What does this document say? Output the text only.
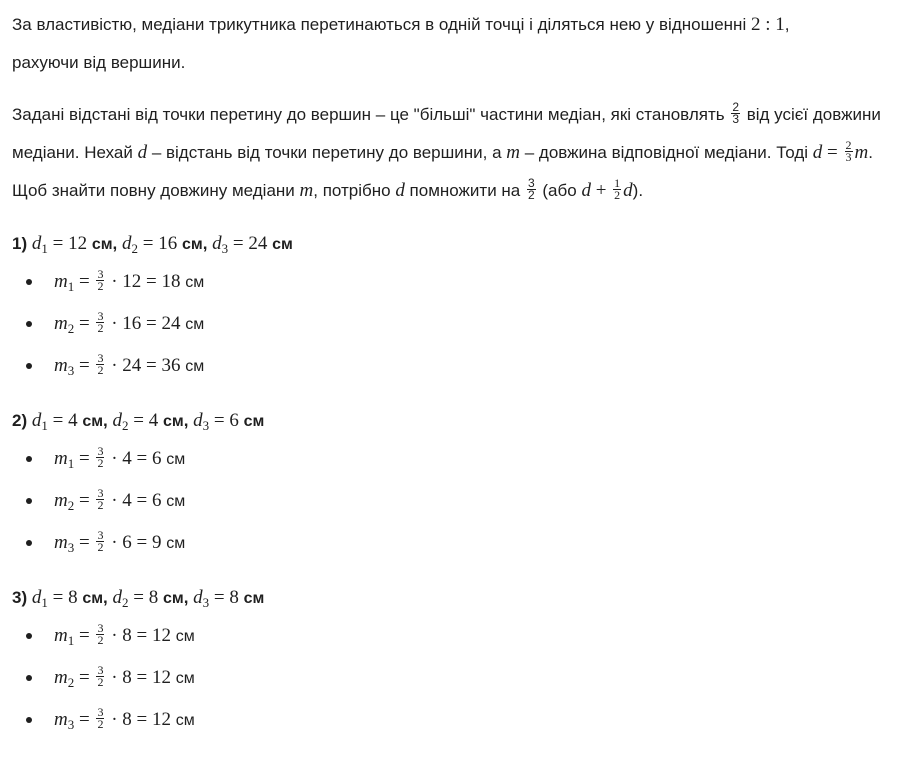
За властивістю, медіани трикутника перетинаються в одній точці і діляться нею у відношенні 2 : 1,
рахуючи від вершини.

Задані відстані від точки перетину до вершин – це "більші" частини медіан, які становлять $\frac{2}{3}$ від усієї довжини медіани. Нехай d – відстань від точки перетину до вершини, а m – довжина відповідної медіани. Тоді $d = \frac{2}{3} m$. Щоб знайти повну довжину медіани m, потрібно d помножити на $\frac{3}{2} (або$ $d + \frac{1}{2} d$).

1) $d_1 = 12$ см, $d_2 = 16$ см, $d_3 = 24$ см
$m_1 = \frac{3}{2} \cdot 12 = 18$ см
$m_2 = \frac{3}{2} \cdot 16 = 24$ см
$m_3 = \frac{3}{2} \cdot 24 = 36$ см
2) $d_1 = 4$ см, $d_2 = 4$ см, $d_3 = 6$ см
$m_1 = \frac{3}{2} \cdot 4 = 6$ см
$m_2 = \frac{3}{2} \cdot 4 = 6$ см
$m_3 = \frac{3}{2} \cdot 6 = 9$ см
3) $d_1 = 8$ см, $d_2 = 8$ см, $d_3 = 8$ см
$m_1 = \frac{3}{2} \cdot 8 = 12$ см
$m_2 = \frac{3}{2} \cdot 8 = 12$ см
$m_3 = \frac{3}{2} \cdot 8 = 12$ см
